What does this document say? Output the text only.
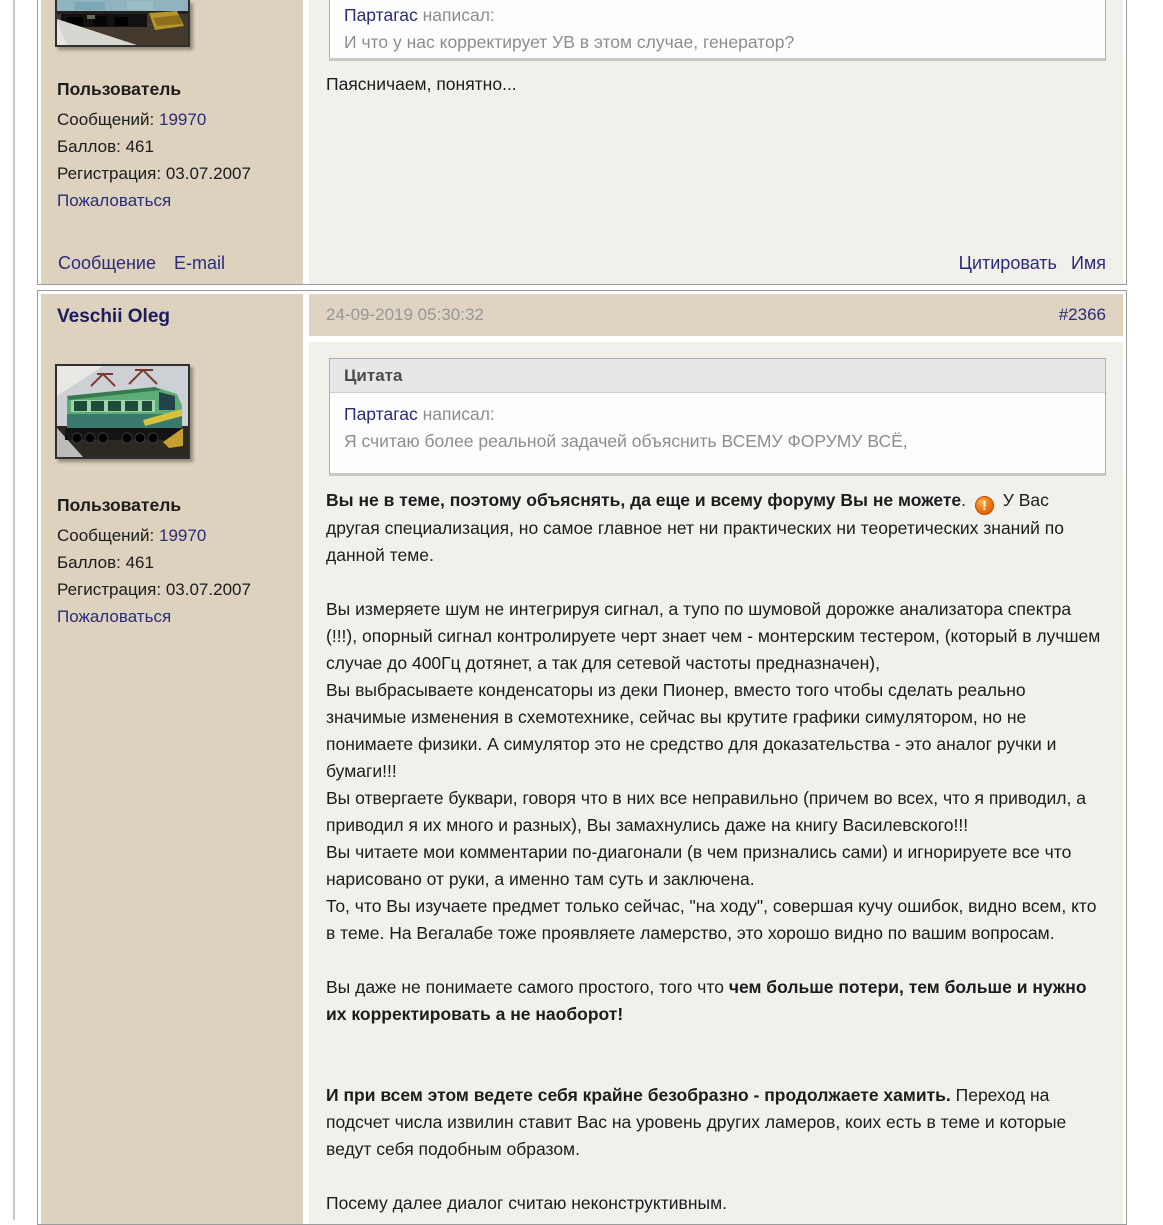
Пользователь
Сообщений: 19970
Баллов: 461
Регистрация: 03.07.2007
Пожаловаться
Сообщение E-mail
Партагас написал:
И что у нас корректирует УВ в этом случае, генератор?
Паясничаем, понятно...
Цитировать Имя
Veschii Oleg
Пользователь
Сообщений: 19970
Баллов: 461
Регистрация: 03.07.2007
Пожаловаться
24-09-2019 05:30:32	#2366
Цитата
Партагас написал:
Я считаю более реальной задачей объяснить ВСЕМУ ФОРУМУ ВСЁ,
Вы не в теме, поэтому объяснять, да еще и всему форуму Вы не можете. ! У Вас другая специализация, но самое главное нет ни практических ни теоретических знаний по данной теме.

Вы измеряете шум не интегрируя сигнал, а тупо по шумовой дорожке анализатора спектра (!!!), опорный сигнал контролируете черт знает чем - монтерским тестером, (который в лучшем случае до 400Гц дотянет, а так для сетевой частоты предназначен),
Вы выбрасываете конденсаторы из деки Пионер, вместо того чтобы сделать реально значимые изменения в схемотехнике, сейчас вы крутите графики симулятором, но не понимаете физики. А симулятор это не средство для доказательства - это аналог ручки и бумаги!!!
Вы отвергаете буквари, говоря что в них все неправильно (причем во всех, что я приводил, а приводил я их много и разных), Вы замахнулись даже на книгу Василевского!!!
Вы читаете мои комментарии по-диагонали (в чем признались сами) и игнорируете все что нарисовано от руки, а именно там суть и заключена.
То, что Вы изучаете предмет только сейчас, "на ходу", совершая кучу ошибок, видно всем, кто в теме. На Вегалабе тоже проявляете ламерство, это хорошо видно по вашим вопросам.

Вы даже не понимаете самого простого, того что чем больше потери, тем больше и нужно их корректировать а не наоборот!

И при всем этом ведете себя крайне безобразно - продолжаете хамить. Переход на подсчет числа извилин ставит Вас на уровень других ламеров, коих есть в теме и которые ведут себя подобным образом.

Посему далее диалог считаю неконструктивным.
